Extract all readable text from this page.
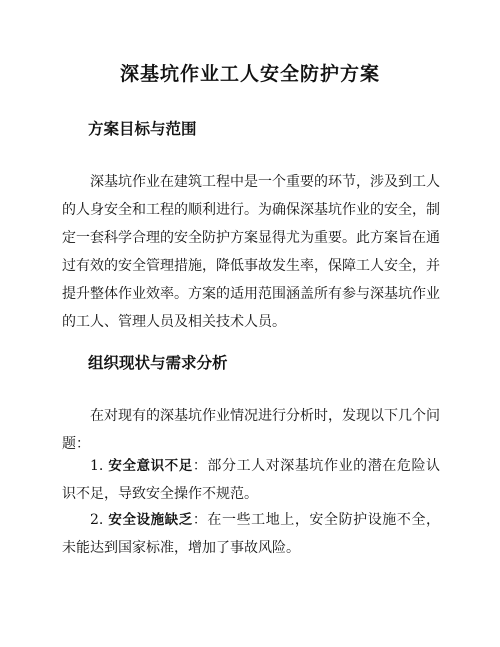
深基坑作业工人安全防护方案
方案目标与范围

深基坑作业在建筑工程中是一个重要的环节，涉及到工人的人身安全和工程的顺利进行。为确保深基坑作业的安全，制定一套科学合理的安全防护方案显得尤为重要。此方案旨在通过有效的安全管理措施，降低事故发生率，保障工人安全，并提升整体作业效率。方案的适用范围涵盖所有参与深基坑作业的工人、管理人员及相关技术人员。

组织现状与需求分析

在对现有的深基坑作业情况进行分析时，发现以下几个问题：

1. 安全意识不足：部分工人对深基坑作业的潜在危险认识不足，导致安全操作不规范。

2. 安全设施缺乏：在一些工地上，安全防护设施不全，未能达到国家标准，增加了事故风险。
